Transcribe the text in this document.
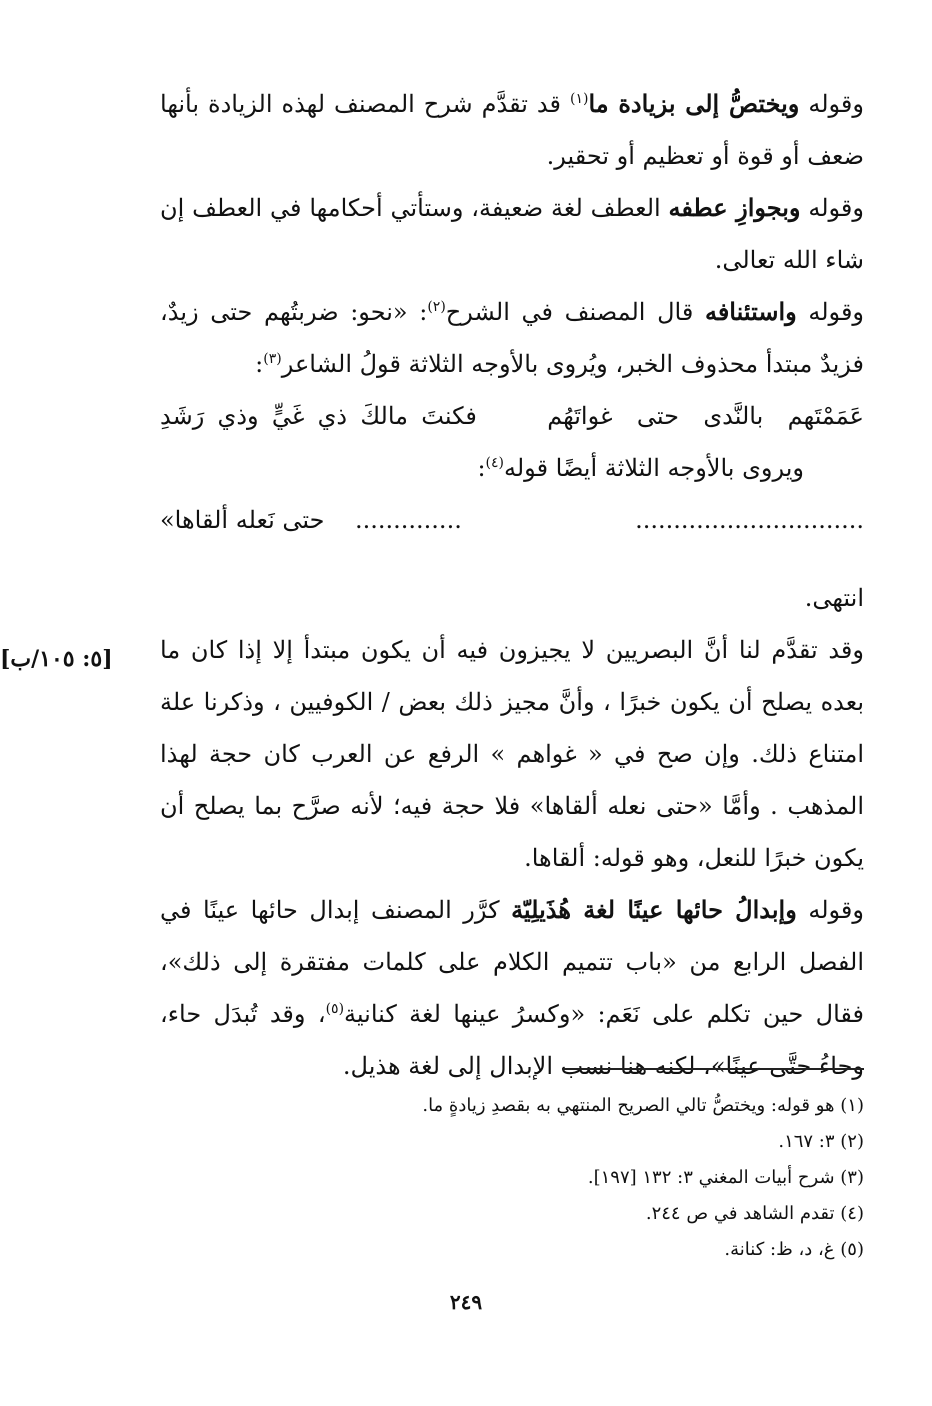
[٥: ١٠٥/ب]

وقوله ويختصُّ إلى بزيادة ما$^{(١)}$ قد تقدَّم شرح المصنف لهذه الزيادة بأنها ضعف أو قوة أو تعظيم أو تحقير.

وقوله وبجوازِ عطفه العطف لغة ضعيفة، وستأتي أحكامها في العطف إن شاء الله تعالى.

وقوله واستئنافه قال المصنف في الشرح$^{(٢)}$: «نحو: ضربتُهم حتى زيدٌ، فزيدٌ مبتدأ محذوف الخبر، ويُروى بالأوجه الثلاثة قولُ الشاعر$^{(٣)}$:

عَمَمْتَهم بالنَّدى حتى غواتَهُم
فكنتَ مالكَ ذي غَيٍّ وذي رَشَدِ

ويروى بالأوجه الثلاثة أيضًا قوله$^{(٤)}$:

..............................
..............    حتى نَعله ألقاها»

انتهى.

وقد تقدَّم لنا أنَّ البصريين لا يجيزون فيه أن يكون مبتدأ إلا إذا كان ما بعده يصلح أن يكون خبرًا ، وأنَّ مجيز ذلك بعض / الكوفيين ، وذكرنا علة امتناع ذلك. وإن صح في « غواهم » الرفع عن العرب كان حجة لهذا المذهب . وأمَّا «حتى نعله ألقاها» فلا حجة فيه؛ لأنه صرَّح بما يصلح أن يكون خبرًا للنعل، وهو قوله: ألقاها.

وقوله وإبدالُ حائها عينًا لغة هُذَيلِيّة كرَّر المصنف إبدال حائها عينًا في الفصل الرابع من «باب تتميم الكلام على كلمات مفتقرة إلى ذلك»، فقال حين تكلم على نَعَم: «وكسرُ عينها لغة كنانية$^{(٥)}$، وقد تُبدَل حاء، وحاءُ حتَّى عينًا»، لكنه هنا نسب الإبدال إلى لغة هذيل.

(١) هو قوله: ويختصُّ تالي الصريح المنتهي به بقصدِ زيادةٍ ما.

(٢) ٣: ١٦٧.

(٣) شرح أبيات المغني ٣: ١٣٢ [١٩٧].

(٤) تقدم الشاهد في ص ٢٤٤.

(٥) غ، د، ظ: كنانة.

٢٤٩
